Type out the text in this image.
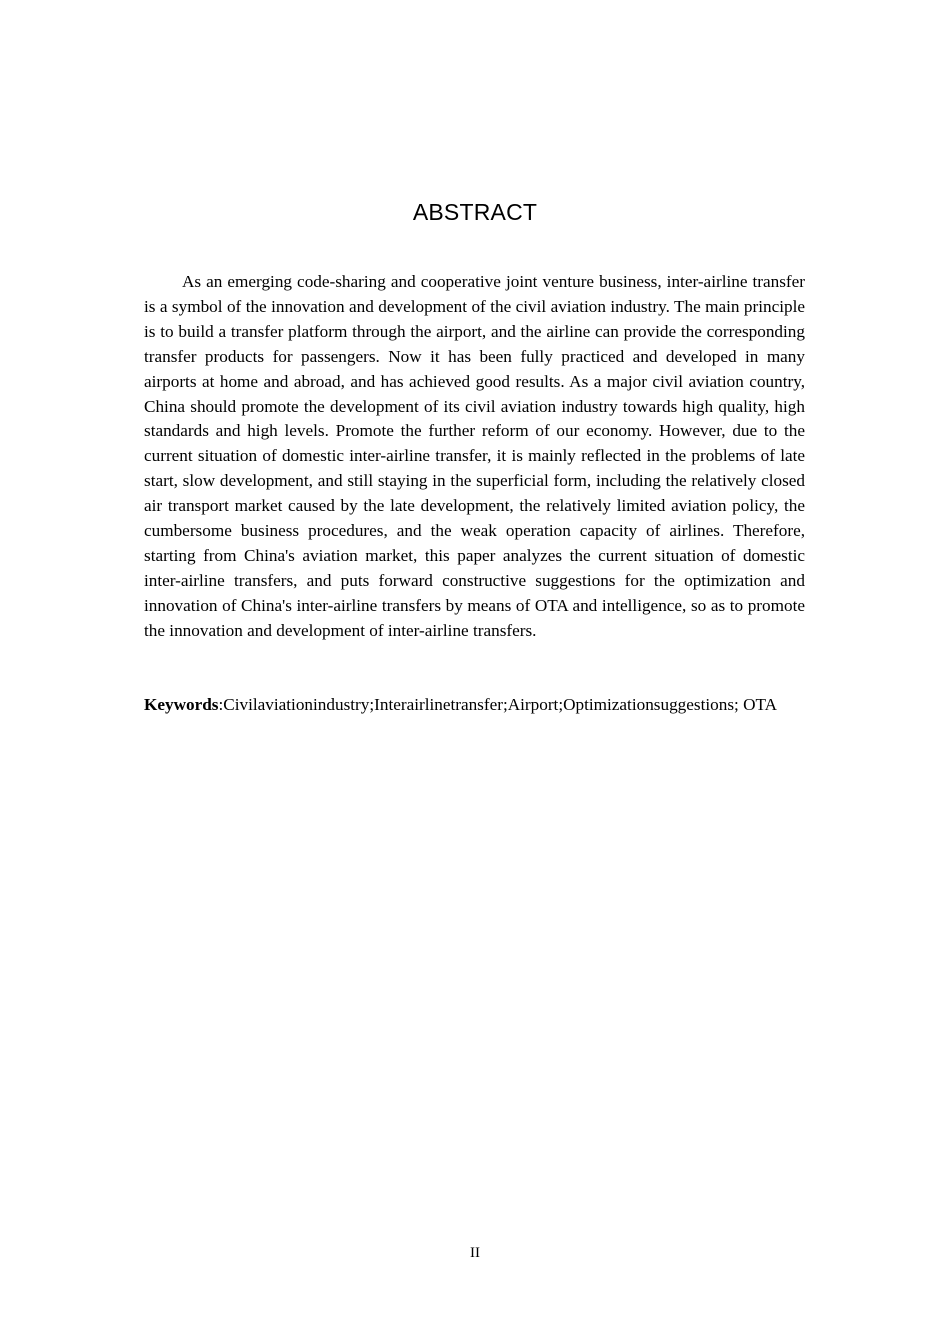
ABSTRACT

As an emerging code-sharing and cooperative joint venture business, inter-airline transfer is a symbol of the innovation and development of the civil aviation industry. The main principle is to build a transfer platform through the airport, and the airline can provide the corresponding transfer products for passengers. Now it has been fully practiced and developed in many airports at home and abroad, and has achieved good results. As a major civil aviation country, China should promote the development of its civil aviation industry towards high quality, high standards and high levels. Promote the further reform of our economy. However, due to the current situation of domestic inter-airline transfer, it is mainly reflected in the problems of late start, slow development, and still staying in the superficial form, including the relatively closed air transport market caused by the late development, the relatively limited aviation policy, the cumbersome business procedures, and the weak operation capacity of airlines. Therefore, starting from China's aviation market, this paper analyzes the current situation of domestic inter-airline transfers, and puts forward constructive suggestions for the optimization and innovation of China's inter-airline transfers by means of OTA and intelligence, so as to promote the innovation and development of inter-airline transfers.

Keywords:Civilaviationindustry;Interairlinetransfer;Airport;Optimizationsuggestions; OTA

II
